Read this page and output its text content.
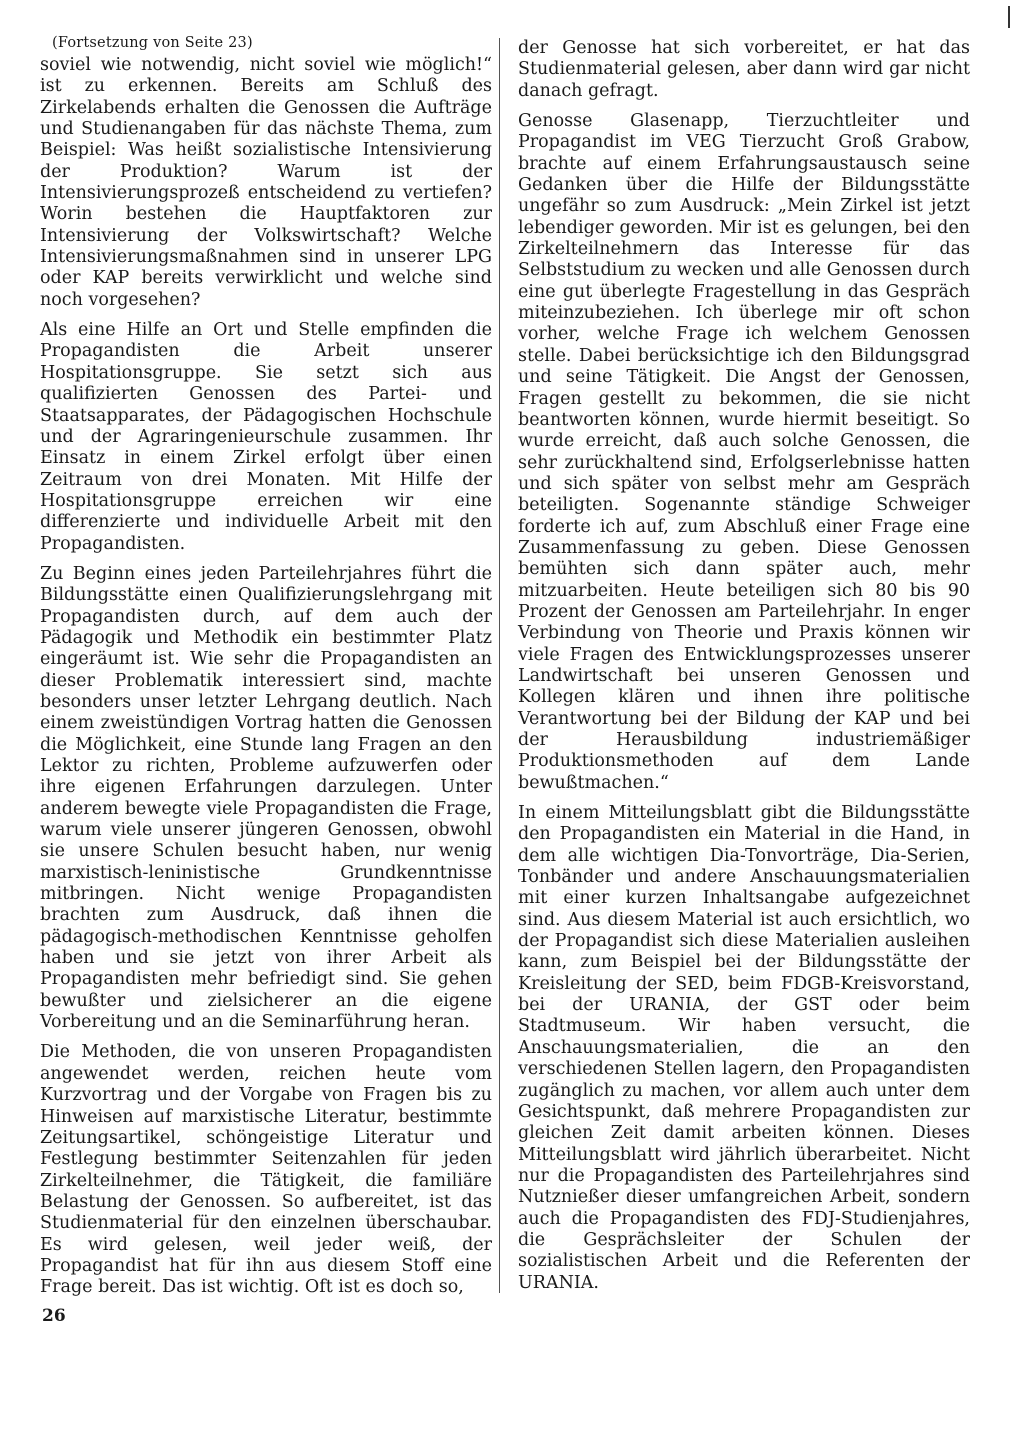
(Fortsetzung von Seite 23)

soviel wie notwendig, nicht soviel wie möglich!“ ist zu erkennen. Bereits am Schluß des Zirkelabends erhalten die Genossen die Aufträge und Studienangaben für das nächste Thema, zum Beispiel: Was heißt sozialistische Intensivierung der Produktion? Warum ist der Intensivierungsprozeß entscheidend zu vertiefen? Worin bestehen die Hauptfaktoren zur Intensivierung der Volkswirtschaft? Welche Intensivierungsmaßnahmen sind in unserer LPG oder KAP bereits verwirklicht und welche sind noch vorgesehen?

Als eine Hilfe an Ort und Stelle empfinden die Propagandisten die Arbeit unserer Hospitationsgruppe. Sie setzt sich aus qualifizierten Genossen des Partei- und Staatsapparates, der Pädagogischen Hochschule und der Agraringenieurschule zusammen. Ihr Einsatz in einem Zirkel erfolgt über einen Zeitraum von drei Monaten. Mit Hilfe der Hospitationsgruppe erreichen wir eine differenzierte und individuelle Arbeit mit den Propagandisten.

Zu Beginn eines jeden Parteilehrjahres führt die Bildungsstätte einen Qualifizierungslehrgang mit Propagandisten durch, auf dem auch der Pädagogik und Methodik ein bestimmter Platz eingeräumt ist. Wie sehr die Propagandisten an dieser Problematik interessiert sind, machte besonders unser letzter Lehrgang deutlich. Nach einem zweistündigen Vortrag hatten die Genossen die Möglichkeit, eine Stunde lang Fragen an den Lektor zu richten, Probleme aufzuwerfen oder ihre eigenen Erfahrungen darzulegen. Unter anderem bewegte viele Propagandisten die Frage, warum viele unserer jüngeren Genossen, obwohl sie unsere Schulen besucht haben, nur wenig marxistisch-leninistische Grundkenntnisse mitbringen. Nicht wenige Propagandisten brachten zum Ausdruck, daß ihnen die pädagogisch-methodischen Kenntnisse geholfen haben und sie jetzt von ihrer Arbeit als Propagandisten mehr befriedigt sind. Sie gehen bewußter und zielsicherer an die eigene Vorbereitung und an die Seminarführung heran.

Die Methoden, die von unseren Propagandisten angewendet werden, reichen heute vom Kurzvortrag und der Vorgabe von Fragen bis zu Hinweisen auf marxistische Literatur, bestimmte Zeitungsartikel, schöngeistige Literatur und Festlegung bestimmter Seitenzahlen für jeden Zirkelteilnehmer, die Tätigkeit, die familiäre Belastung der Genossen. So aufbereitet, ist das Studienmaterial für den einzelnen überschaubar. Es wird gelesen, weil jeder weiß, der Propagandist hat für ihn aus diesem Stoff eine Frage bereit. Das ist wichtig. Oft ist es doch so,

der Genosse hat sich vorbereitet, er hat das Studienmaterial gelesen, aber dann wird gar nicht danach gefragt.

Genosse Glasenapp, Tierzuchtleiter und Propagandist im VEG Tierzucht Groß Grabow, brachte auf einem Erfahrungsaustausch seine Gedanken über die Hilfe der Bildungsstätte ungefähr so zum Ausdruck: „Mein Zirkel ist jetzt lebendiger geworden. Mir ist es gelungen, bei den Zirkelteilnehmern das Interesse für das Selbststudium zu wecken und alle Genossen durch eine gut überlegte Fragestellung in das Gespräch miteinzubeziehen. Ich überlege mir oft schon vorher, welche Frage ich welchem Genossen stelle. Dabei berücksichtige ich den Bildungsgrad und seine Tätigkeit. Die Angst der Genossen, Fragen gestellt zu bekommen, die sie nicht beantworten können, wurde hiermit beseitigt. So wurde erreicht, daß auch solche Genossen, die sehr zurückhaltend sind, Erfolgserlebnisse hatten und sich später von selbst mehr am Gespräch beteiligten. Sogenannte ständige Schweiger forderte ich auf, zum Abschluß einer Frage eine Zusammenfassung zu geben. Diese Genossen bemühten sich dann später auch, mehr mitzuarbeiten. Heute beteiligen sich 80 bis 90 Prozent der Genossen am Parteilehrjahr. In enger Verbindung von Theorie und Praxis können wir viele Fragen des Entwicklungsprozesses unserer Landwirtschaft bei unseren Genossen und Kollegen klären und ihnen ihre politische Verantwortung bei der Bildung der KAP und bei der Herausbildung industriemäßiger Produktionsmethoden auf dem Lande bewußtmachen.“

In einem Mitteilungsblatt gibt die Bildungsstätte den Propagandisten ein Material in die Hand, in dem alle wichtigen Dia-Tonvorträge, Dia-Serien, Tonbänder und andere Anschauungsmaterialien mit einer kurzen Inhaltsangabe aufgezeichnet sind. Aus diesem Material ist auch ersichtlich, wo der Propagandist sich diese Materialien ausleihen kann, zum Beispiel bei der Bildungsstätte der Kreisleitung der SED, beim FDGB-Kreisvorstand, bei der URANIA, der GST oder beim Stadtmuseum. Wir haben versucht, die Anschauungsmaterialien, die an den verschiedenen Stellen lagern, den Propagandisten zugänglich zu machen, vor allem auch unter dem Gesichtspunkt, daß mehrere Propagandisten zur gleichen Zeit damit arbeiten können. Dieses Mitteilungsblatt wird jährlich überarbeitet. Nicht nur die Propagandisten des Parteilehrjahres sind Nutznießer dieser umfangreichen Arbeit, sondern auch die Propagandisten des FDJ-Studienjahres, die Gesprächsleiter der Schulen der sozialistischen Arbeit und die Referenten der URANIA.

26
